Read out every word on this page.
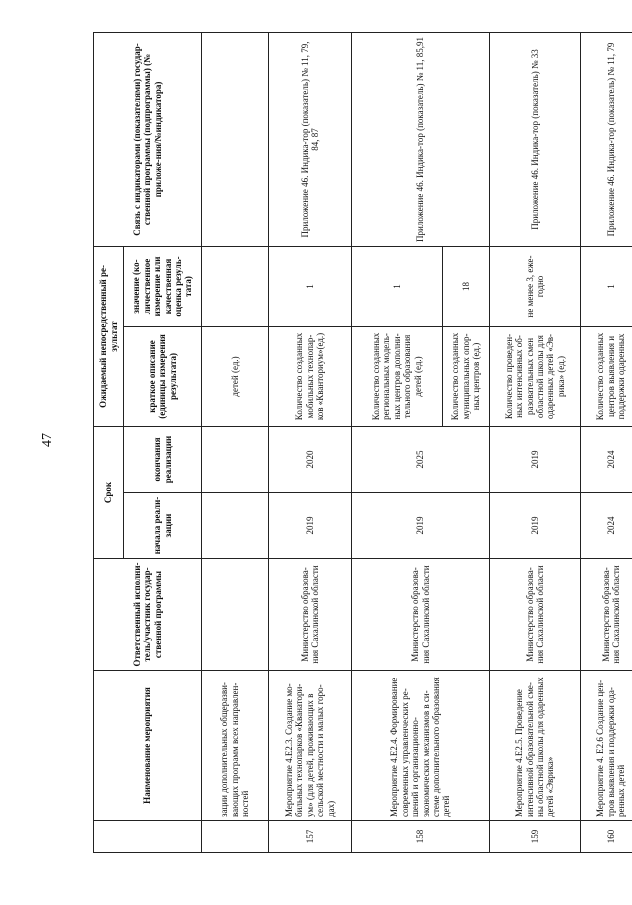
47
	Наименование мероприятия	Ответственный исполни-тель/участник государ-ственной программы	Срок		Ожидаемый непосредственный ре-зультат		Связь с индикаторами (показателями) государ-ственной программы (подпрограммы) (№ приложе-ния/№индикатора)
			начала реали-зации	окончания реализации	краткое описание (единицы измерения результата)	значение (ко-личественное измерение или качественная оценка резуль-тата)	

	зации дополнительных общеразви-вающих программ всех направлен-ностей				детей (ед.)		
157	Мероприятие 4.E2.3. Создание мо-бильных технопарков «Кванатори-ум» (для детей, проживающих в сельской местности и малых горо-дах)	Министерство образова-ния Сахалинской области	2019	2020	Количество созданных мобильных технопар-ков «Кванториум»(ед.)	1	Приложение 46. Индика-тор (показатель) № 11, 79, 84, 87
158	Мероприятие 4.E2.4. Формирование современных управленческих ре-шений и организационно-экономических механизмов в си-стеме дополнительного образования детей	Министерство образова-ния Сахалинской области	2019	2025	Количество созданных региональных модель-ных центров дополни-тельного образования детей (ед.)	1	Приложение 46. Индика-тор (показатель) № 11, 85,91
					Количество созданных муниципальных опор-ных центров (ед.)	18	
159	Мероприятие 4.E2.5. Проведение интенсивной образовательной сме-ны областной школы для одаренных детей «Эврика»	Министерство образова-ния Сахалинской области	2019	2019	Количество проведен-ных интенсивных об-разовательных смен областной школы для одаренных детей «Эв-рика» (ед.)	не менее 3, еже-годно	Приложение 46. Индика-тор (показатель) № 33
160	Мероприятие 4. Е2.6 Создание цен-тров выявления и поддержки ода-ренных детей	Министерство образова-ния Сахалинской области	2024	2024	Количество созданных центров выявления и поддержки одаренных	1	Приложение 46. Индика-тор (показатель) № 11, 79
